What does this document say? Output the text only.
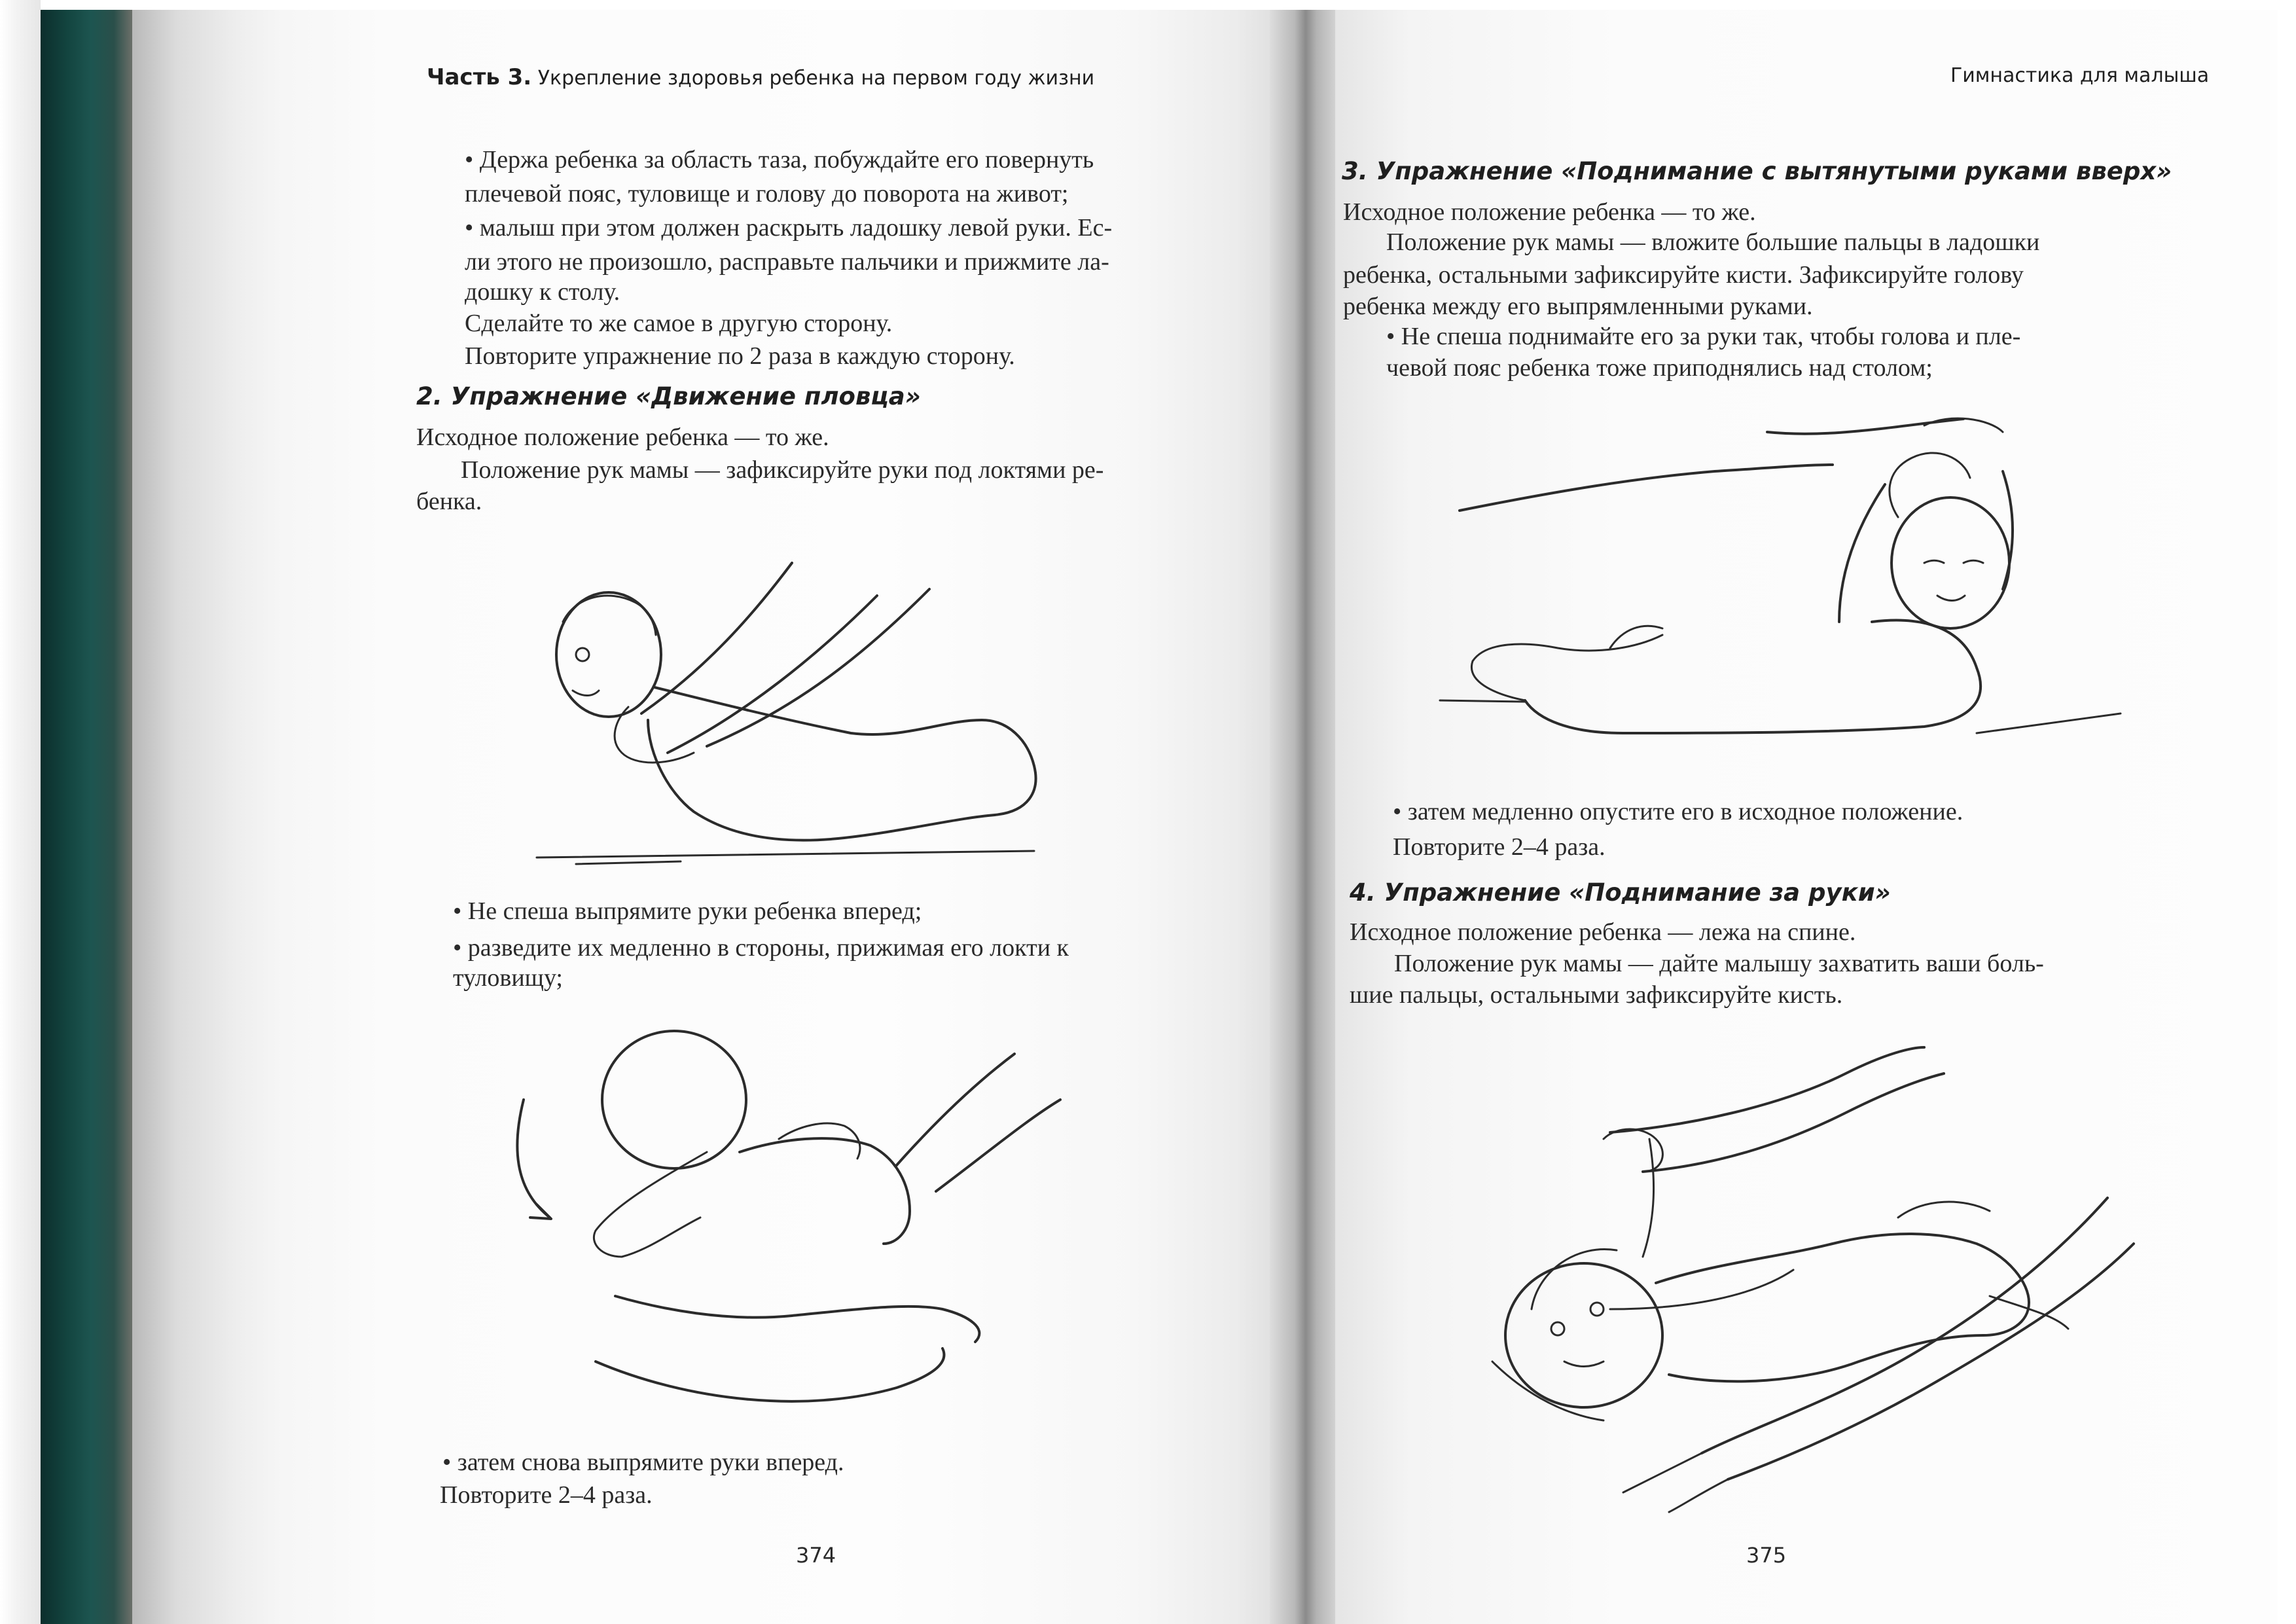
Часть 3. Укрепление здоровья ребенка на первом году жизни
• Держа ребенка за область таза, побуждайте его повернуть
плечевой пояс, туловище и голову до поворота на живот;
• малыш при этом должен раскрыть ладошку левой руки. Ес-
ли этого не произошло, расправьте пальчики и прижмите ла-
дошку к столу.
Сделайте то же самое в другую сторону.
Повторите упражнение по 2 раза в каждую сторону.
2. Упражнение «Движение пловца»
Исходное положение ребенка — то же.
Положение рук мамы — зафиксируйте руки под локтями ре-
бенка.
• Не спеша выпрямите руки ребенка вперед;
• разведите их медленно в стороны, прижимая его локти к
туловищу;
• затем снова выпрямите руки вперед.
Повторите 2–4 раза.
374
Гимнастика для малыша
3. Упражнение «Поднимание с вытянутыми руками вверх»
Исходное положение ребенка — то же.
Положение рук мамы — вложите большие пальцы в ладошки
ребенка, остальными зафиксируйте кисти. Зафиксируйте голову
ребенка между его выпрямленными руками.
• Не спеша поднимайте его за руки так, чтобы голова и пле-
чевой пояс ребенка тоже приподнялись над столом;
• затем медленно опустите его в исходное положение.
Повторите 2–4 раза.
4. Упражнение «Поднимание за руки»
Исходное положение ребенка — лежа на спине.
Положение рук мамы — дайте малышу захватить ваши боль-
шие пальцы, остальными зафиксируйте кисть.
375
